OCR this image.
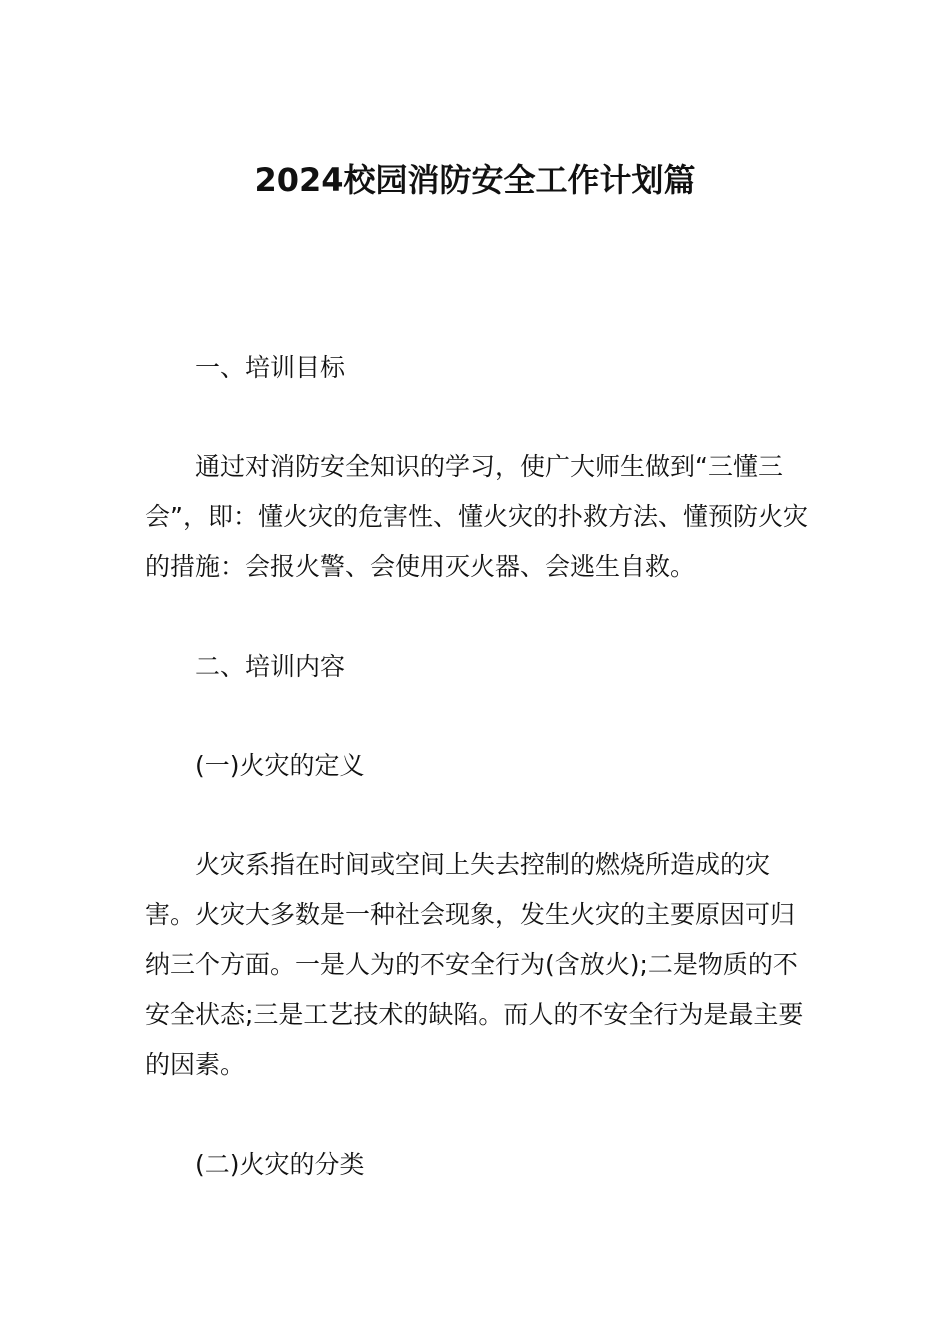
2024校园消防安全工作计划篇

一、培训目标

通过对消防安全知识的学习，使广大师生做到“三懂三会”，即：懂火灾的危害性、懂火灾的扑救方法、懂预防火灾的措施：会报火警、会使用灭火器、会逃生自救。

二、培训内容

(一)火灾的定义

火灾系指在时间或空间上失去控制的燃烧所造成的灾害。火灾大多数是一种社会现象，发生火灾的主要原因可归纳三个方面。一是人为的不安全行为(含放火);二是物质的不安全状态;三是工艺技术的缺陷。而人的不安全行为是最主要的因素。

(二)火灾的分类
